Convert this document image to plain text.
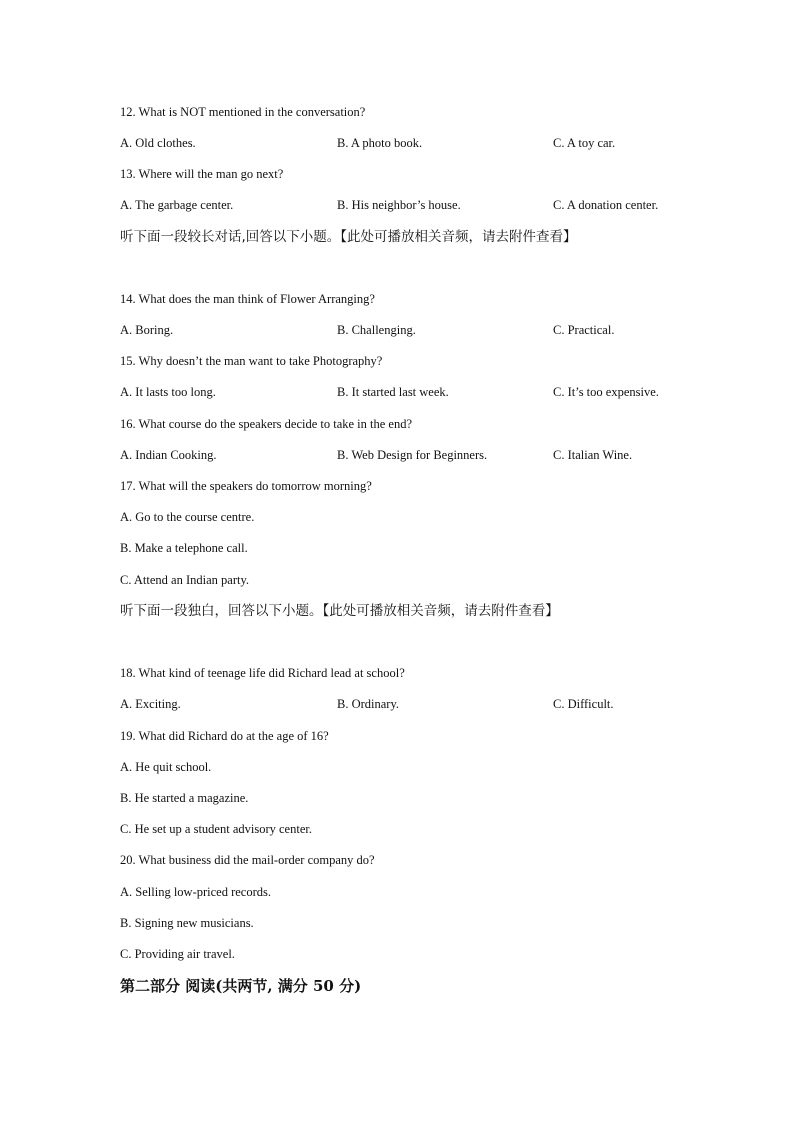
12. What is NOT mentioned in the conversation?
A. Old clothes.	B. A photo book.	C. A toy car.
13. Where will the man go next?
A. The garbage center.	B. His neighbor’s house.	C. A donation center.
听下面一段较长对话,回答以下小题。【此处可播放相关音频，请去附件查看】
14. What does the man think of Flower Arranging?
A. Boring.	B. Challenging.	C. Practical.
15. Why doesn’t the man want to take Photography?
A. It lasts too long.	B. It started last week.	C. It’s too expensive.
16. What course do the speakers decide to take in the end?
A. Indian Cooking.	B. Web Design for Beginners.	C. Italian Wine.
17. What will the speakers do tomorrow morning?
A. Go to the course centre.
B. Make a telephone call.
C. Attend an Indian party.
听下面一段独白，回答以下小题。【此处可播放相关音频，请去附件查看】
18. What kind of teenage life did Richard lead at school?
A. Exciting.	B. Ordinary.	C. Difficult.
19. What did Richard do at the age of 16?
A. He quit school.
B. He started a magazine.
C. He set up a student advisory center.
20. What business did the mail-order company do?
A. Selling low-priced records.
B. Signing new musicians.
C. Providing air travel.
第二部分 阅读(共两节, 满分 50 分)
